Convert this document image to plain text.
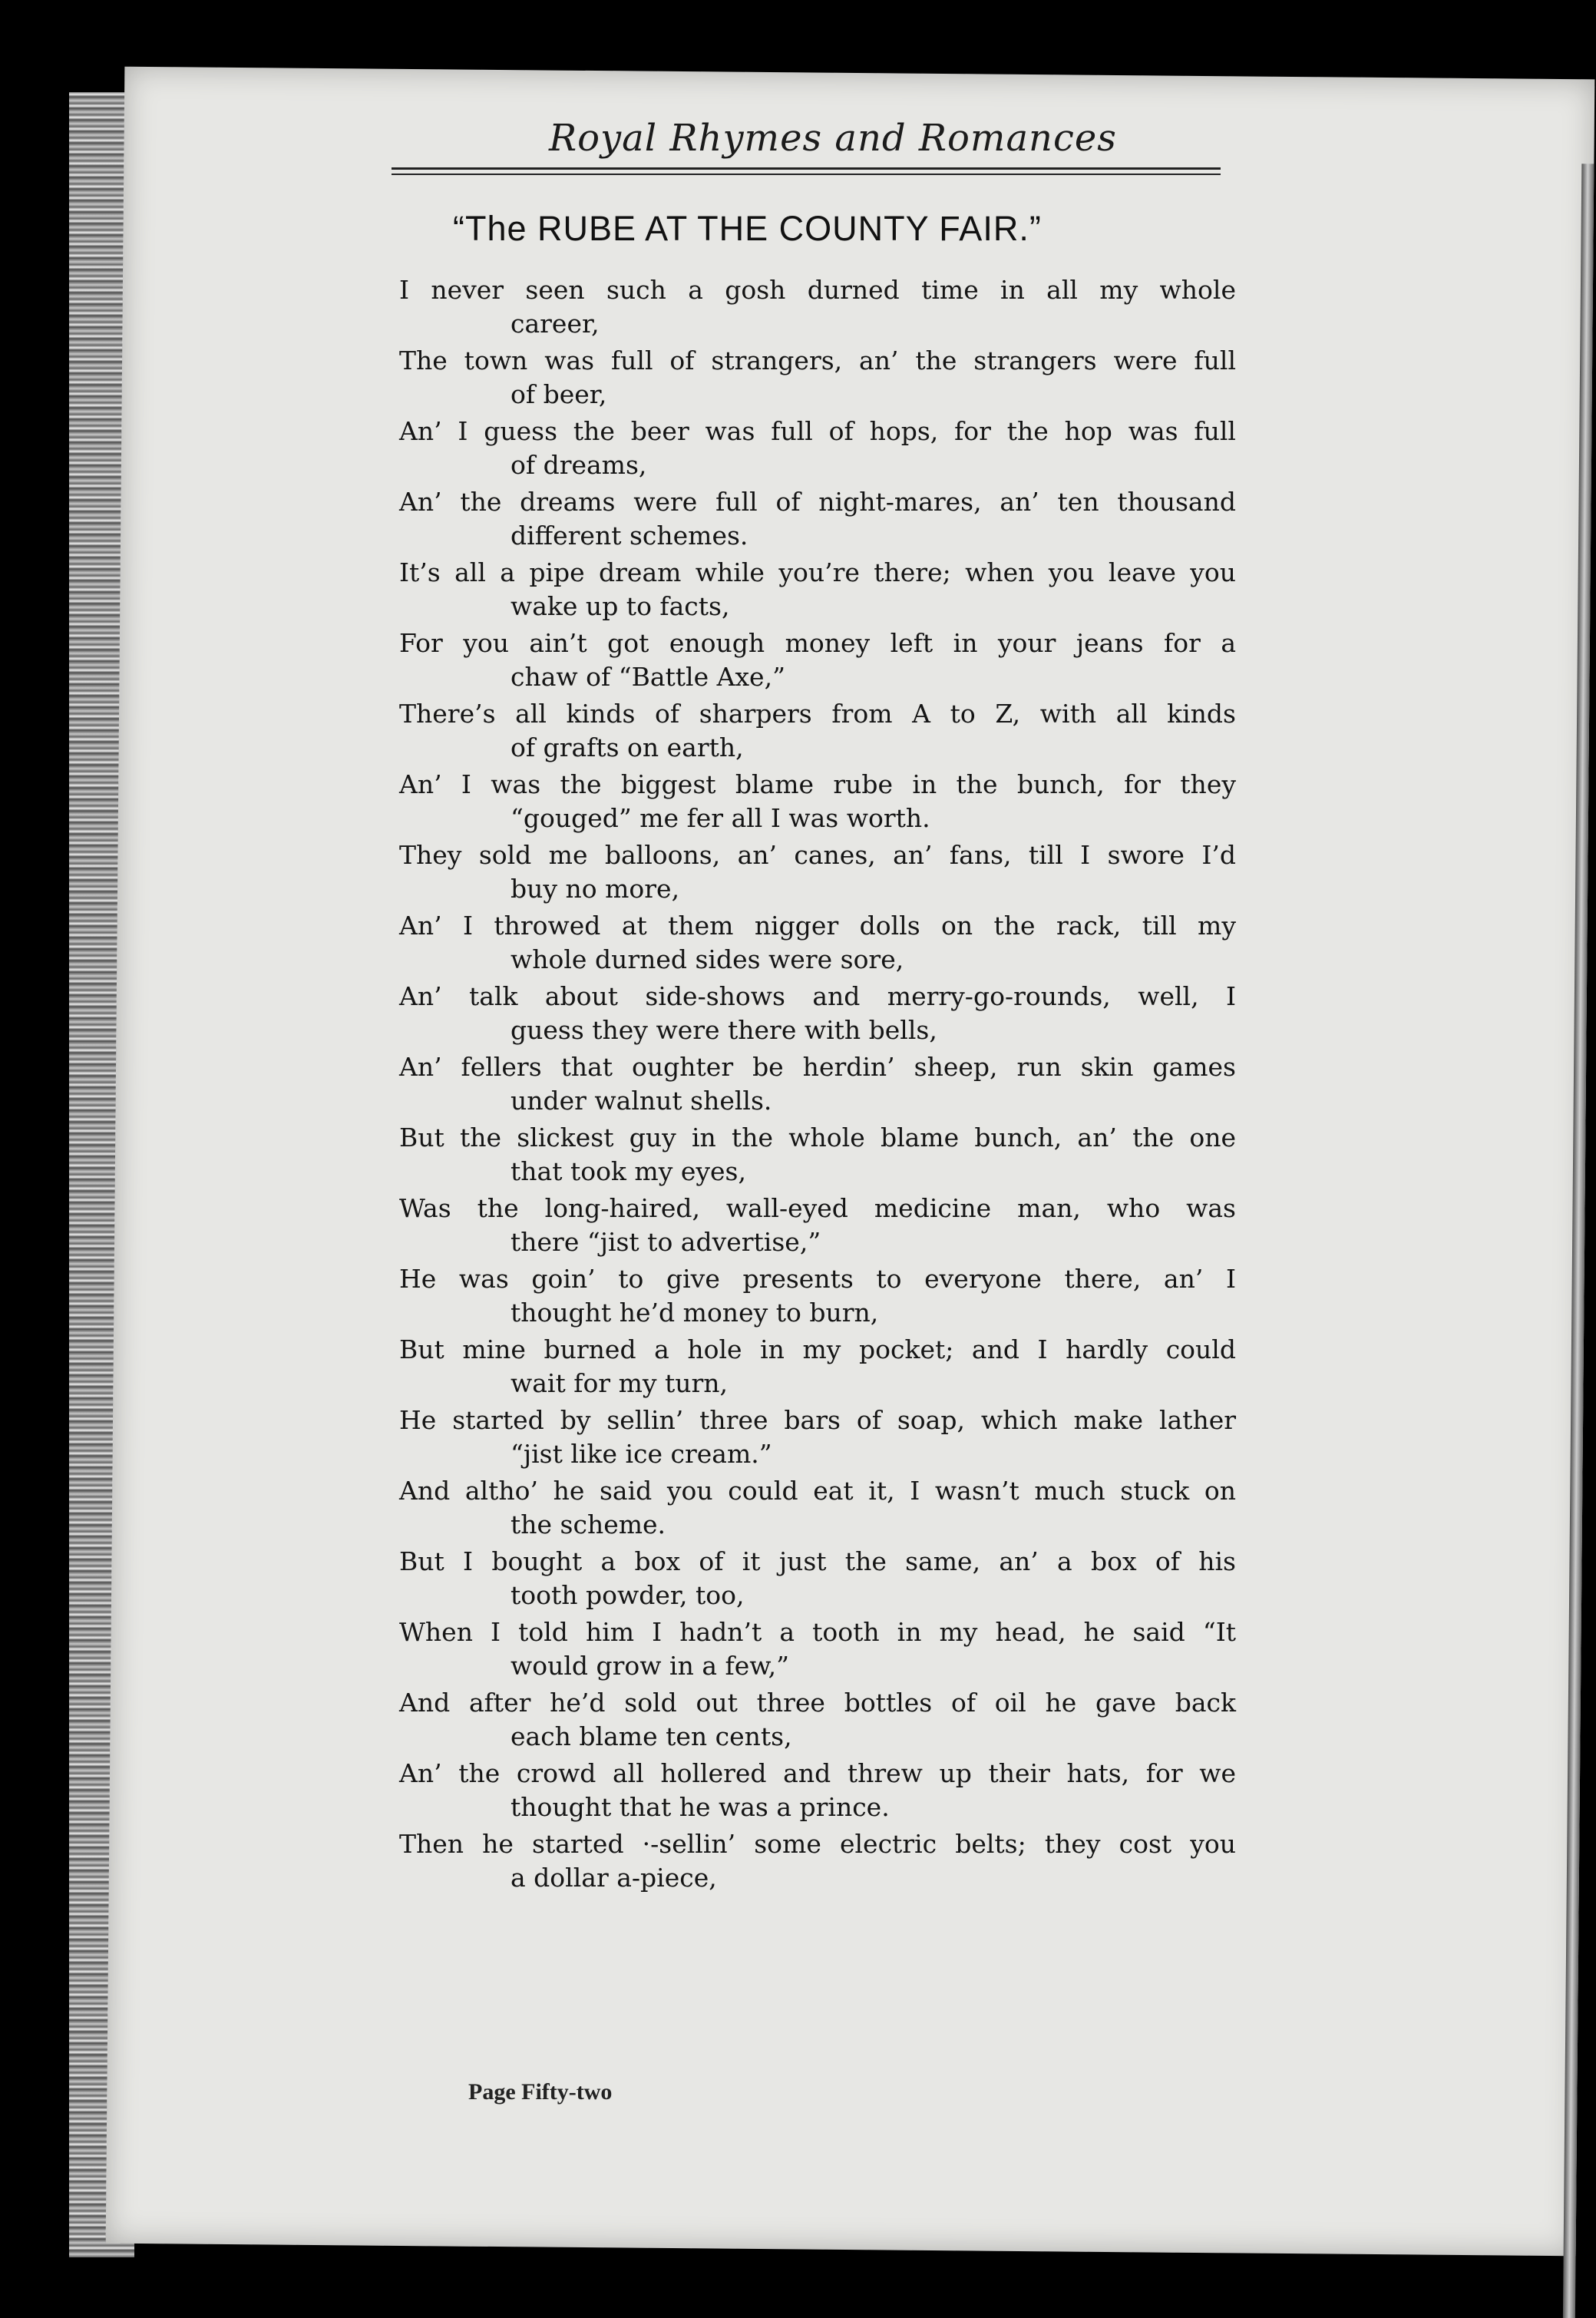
Royal Rhymes and Romances
“The RUBE AT THE COUNTY FAIR.”
I never seen such a gosh durned time in all my whole
career,
The town was full of strangers, an’ the strangers were full
of beer,
An’ I guess the beer was full of hops, for the hop was full
of dreams,
An’ the dreams were full of night-mares, an’ ten thousand
different schemes.
It’s all a pipe dream while you’re there; when you leave you
wake up to facts,
For you ain’t got enough money left in your jeans for a
chaw of “Battle Axe,”
There’s all kinds of sharpers from A to Z, with all kinds
of grafts on earth,
An’ I was the biggest blame rube in the bunch, for they
“gouged” me fer all I was worth.
They sold me balloons, an’ canes, an’ fans, till I swore I’d
buy no more,
An’ I throwed at them nigger dolls on the rack, till my
whole durned sides were sore,
An’ talk about side-shows and merry-go-rounds, well, I
guess they were there with bells,
An’ fellers that oughter be herdin’ sheep, run skin games
under walnut shells.
But the slickest guy in the whole blame bunch, an’ the one
that took my eyes,
Was the long-haired, wall-eyed medicine man, who was
there “jist to advertise,”
He was goin’ to give presents to everyone there, an’ I
thought he’d money to burn,
But mine burned a hole in my pocket; and I hardly could
wait for my turn,
He started by sellin’ three bars of soap, which make lather
“jist like ice cream.”
And altho’ he said you could eat it, I wasn’t much stuck on
the scheme.
But I bought a box of it just the same, an’ a box of his
tooth powder, too,
When I told him I hadn’t a tooth in my head, he said “It
would grow in a few,”
And after he’d sold out three bottles of oil he gave back
each blame ten cents,
An’ the crowd all hollered and threw up their hats, for we
thought that he was a prince.
Then he started ·-sellin’ some electric belts; they cost you
a dollar a-piece,
Page Fifty-two
